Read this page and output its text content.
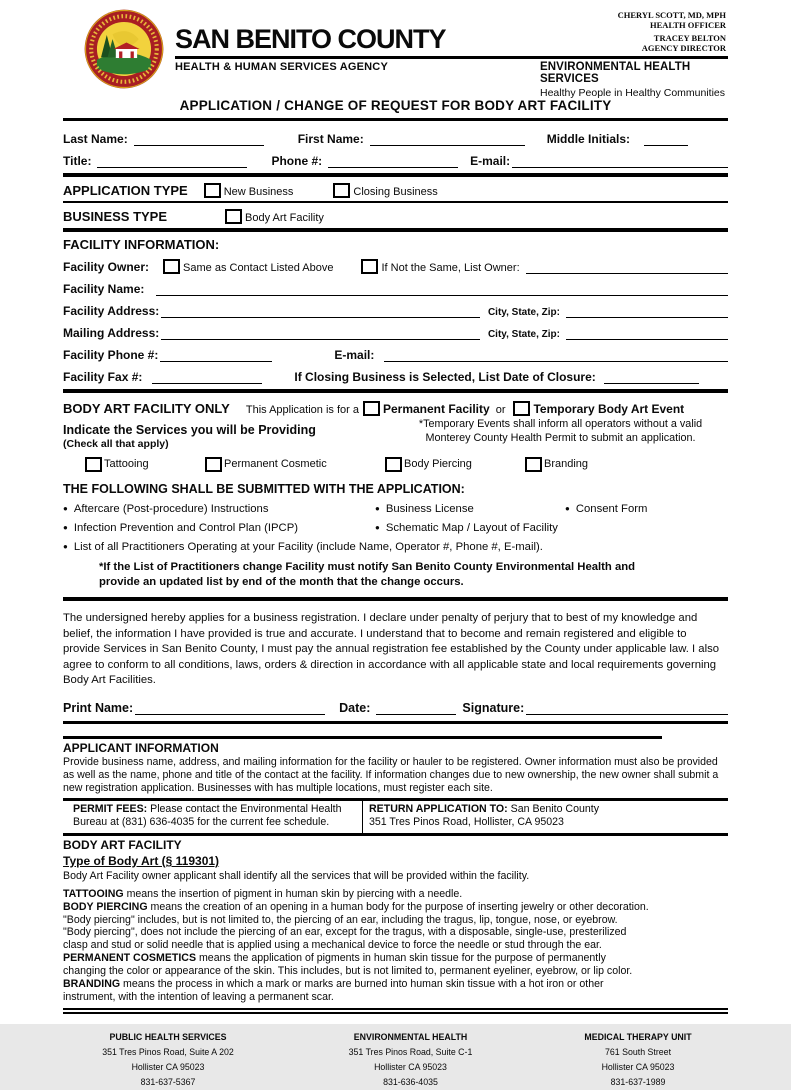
SAN BENITO COUNTY
HEALTH & HUMAN SERVICES AGENCY
CHERYL SCOTT, MD, MPH
HEALTH OFFICER
TRACEY BELTON
AGENCY DIRECTOR
ENVIRONMENTAL HEALTH SERVICES
Healthy People in Healthy Communities
APPLICATION / CHANGE OF REQUEST FOR BODY ART FACILITY
Last Name:	First Name:	Middle Initials:
Title:	Phone #:	E-mail:
APPLICATION TYPE	New Business	Closing Business
BUSINESS TYPE	Body Art Facility
FACILITY INFORMATION:
Facility Owner:	Same as Contact Listed Above	If Not the Same, List Owner:
Facility Name:
Facility Address:	City, State, Zip:
Mailing Address:	City, State, Zip:
Facility Phone #:	E-mail:
Facility Fax #:	If Closing Business is Selected, List Date of Closure:
BODY ART FACILITY ONLY This Application is for a Permanent Facility or Temporary Body Art Event
Indicate the Services you will be Providing
(Check all that apply)
*Temporary Events shall inform all operators without a valid
Monterey County Health Permit to submit an application.
Tattooing	Permanent Cosmetic	Body Piercing	Branding
THE FOLLOWING SHALL BE SUBMITTED WITH THE APPLICATION:
● Aftercare (Post-procedure) Instructions	● Business License	● Consent Form
● Infection Prevention and Control Plan (IPCP)	● Schematic Map / Layout of Facility
● List of all Practitioners Operating at your Facility (include Name, Operator #, Phone #, E-mail).
*If the List of Practitioners change Facility must notify San Benito County Environmental Health and
provide an updated list by end of the month that the change occurs.
The undersigned hereby applies for a business registration. I declare under penalty of perjury that to best of my knowledge and belief, the information I have provided is true and accurate. I understand that to become and remain registered and eligible to provide Services in San Benito County, I must pay the annual registration fee established by the County under applicable law. I also agree to conform to all conditions, laws, orders & direction in accordance with all applicable state and local requirements governing Body Art Facilities.
Print Name:	Date:	Signature:
APPLICANT INFORMATION
Provide business name, address, and mailing information for the facility or hauler to be registered. Owner information must also be provided as well as the name, phone and title of the contact at the facility. If information changes due to new ownership, the new owner shall submit a new registration application. Businesses with has multiple locations, must register each site.
PERMIT FEES: Please contact the Environmental Health Bureau at (831) 636-4035 for the current fee schedule.
RETURN APPLICATION TO: San Benito County
351 Tres Pinos Road, Hollister, CA 95023
BODY ART FACILITY
Type of Body Art (§ 119301)
Body Art Facility owner applicant shall identify all the services that will be provided within the facility.
TATTOOING means the insertion of pigment in human skin by piercing with a needle.
BODY PIERCING means the creation of an opening in a human body for the purpose of inserting jewelry or other decoration.
"Body piercing" includes, but is not limited to, the piercing of an ear, including the tragus, lip, tongue, nose, or eyebrow.
"Body piercing", does not include the piercing of an ear, except for the tragus, with a disposable, single-use, presterilized
clasp and stud or solid needle that is applied using a mechanical device to force the needle or stud through the ear.
PERMANENT COSMETICS means the application of pigments in human skin tissue for the purpose of permanently
changing the color or appearance of the skin. This includes, but is not limited to, permanent eyeliner, eyebrow, or lip color.
BRANDING means the process in which a mark or marks are burned into human skin tissue with a hot iron or other
instrument, with the intention of leaving a permanent scar.
PUBLIC HEALTH SERVICES
351 Tres Pinos Road, Suite A 202
Hollister CA 95023
831-637-5367
ENVIRONMENTAL HEALTH
351 Tres Pinos Road, Suite C-1
Hollister CA 95023
831-636-4035
MEDICAL THERAPY UNIT
761 South Street
Hollister CA 95023
831-637-1989
